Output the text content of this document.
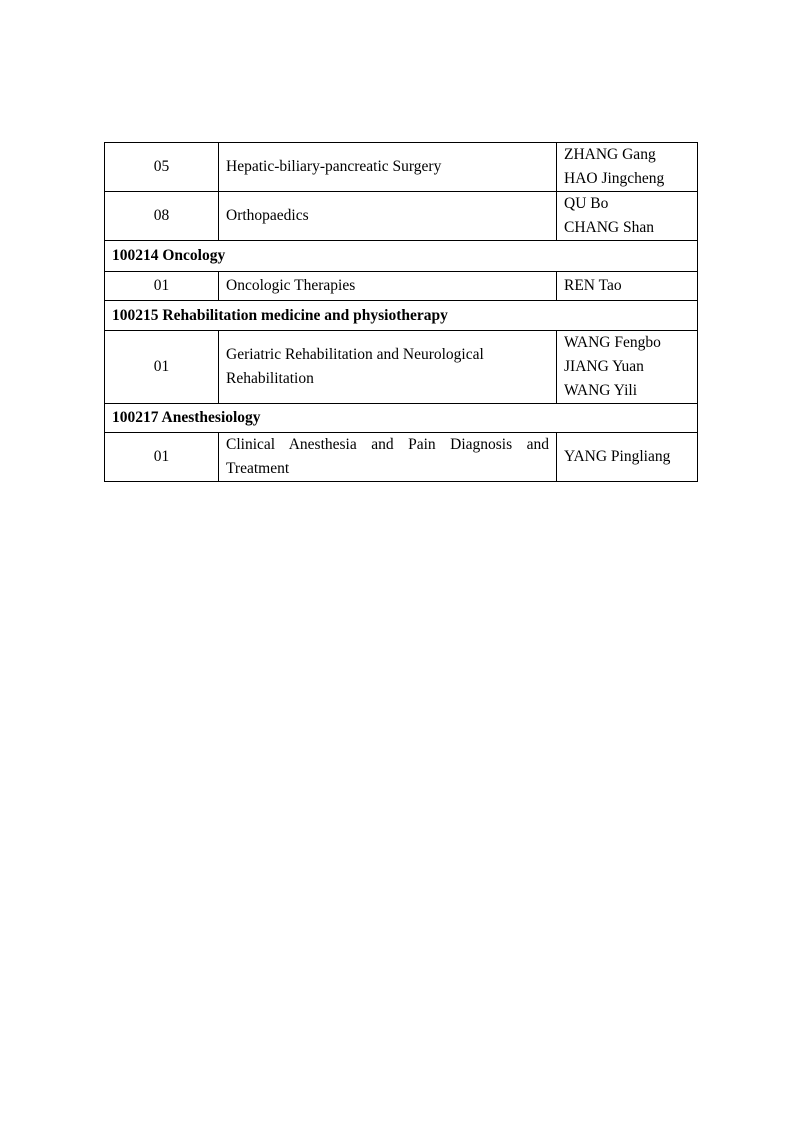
05	Hepatic-biliary-pancreatic Surgery	ZHANG Gang
HAO Jingcheng

08	Orthopaedics	QU Bo
CHANG Shan

100214 Oncology		
01	Oncologic Therapies	REN Tao

100215 Rehabilitation medicine and physiotherapy		
01	Geriatric Rehabilitation and Neurological Rehabilitation	WANG Fengbo
JIANG Yuan
WANG Yili

100217 Anesthesiology		
01	Clinical Anesthesia and Pain Diagnosis and Treatment	YANG Pingliang
